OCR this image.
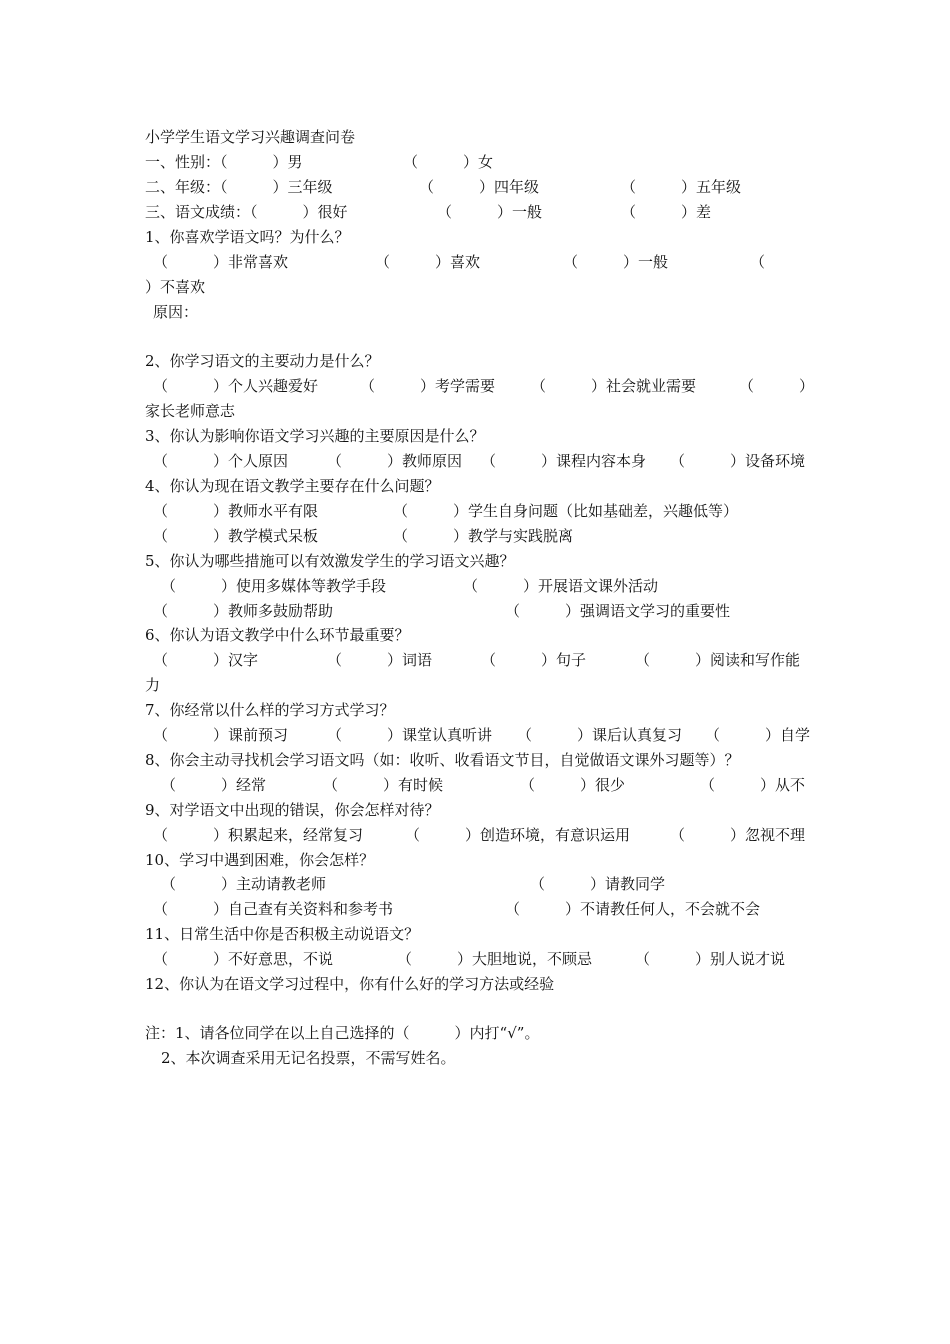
小学学生语文学习兴趣调查问卷
一、性别：（　　　）男	（　　　）女
二、年级：（　　　）三年级	（　　　）四年级	（　　　）五年级
三、语文成绩：（　　　）很好	（　　　）一般	（　　　）差
1、你喜欢学语文吗？为什么？
（　　　）非常喜欢	（　　　）喜欢	（　　　）一般	（
）不喜欢
原因：
2、你学习语文的主要动力是什么？
（　　　）个人兴趣爱好	（　　　）考学需要 （　　　）社会就业需要	（　　　）
家长老师意志
3、你认为影响你语文学习兴趣的主要原因是什么？
（　　　）个人原因	（　　　）教师原因 （　　　）课程内容本身 （　　　）设备环境
4、你认为现在语文教学主要存在什么问题？
（　　　）教师水平有限	（　　　）学生自身问题（比如基础差，兴趣低等）
（　　　）教学模式呆板	（　　　）教学与实践脱离
5、你认为哪些措施可以有效激发学生的学习语文兴趣？
（　　　）使用多媒体等教学手段	（　　　）开展语文课外活动
（　　　）教师多鼓励帮助	（　　　）强调语文学习的重要性
6、你认为语文教学中什么环节最重要？
（　　　）汉字	（　　　）词语	（　　　）句子	（　　　）阅读和写作能
力
7、你经常以什么样的学习方式学习？
（　　　）课前预习	（　　　）课堂认真听讲 （　　　）课后认真复习 （　　　）自学
8、你会主动寻找机会学习语文吗（如：收听、收看语文节目，自觉做语文课外习题等）？
（　　　）经常	（　　　）有时候	（　　　）很少	（　　　）从不
9、对学语文中出现的错误，你会怎样对待？
（　　　）积累起来，经常复习	（　　　）创造环境，有意识运用	（　　　）忽视不理
10、学习中遇到困难，你会怎样？
（　　　）主动请教老师	（　　　）请教同学
（　　　）自己查有关资料和参考书	（　　　）不请教任何人，不会就不会
11、日常生活中你是否积极主动说语文？
（　　　）不好意思，不说	（　　　）大胆地说，不顾忌	（　　　）别人说才说
12、你认为在语文学习过程中，你有什么好的学习方法或经验
注：1、请各位同学在以上自己选择的（　　　）内打“√”。
2、本次调查采用无记名投票，不需写姓名。
